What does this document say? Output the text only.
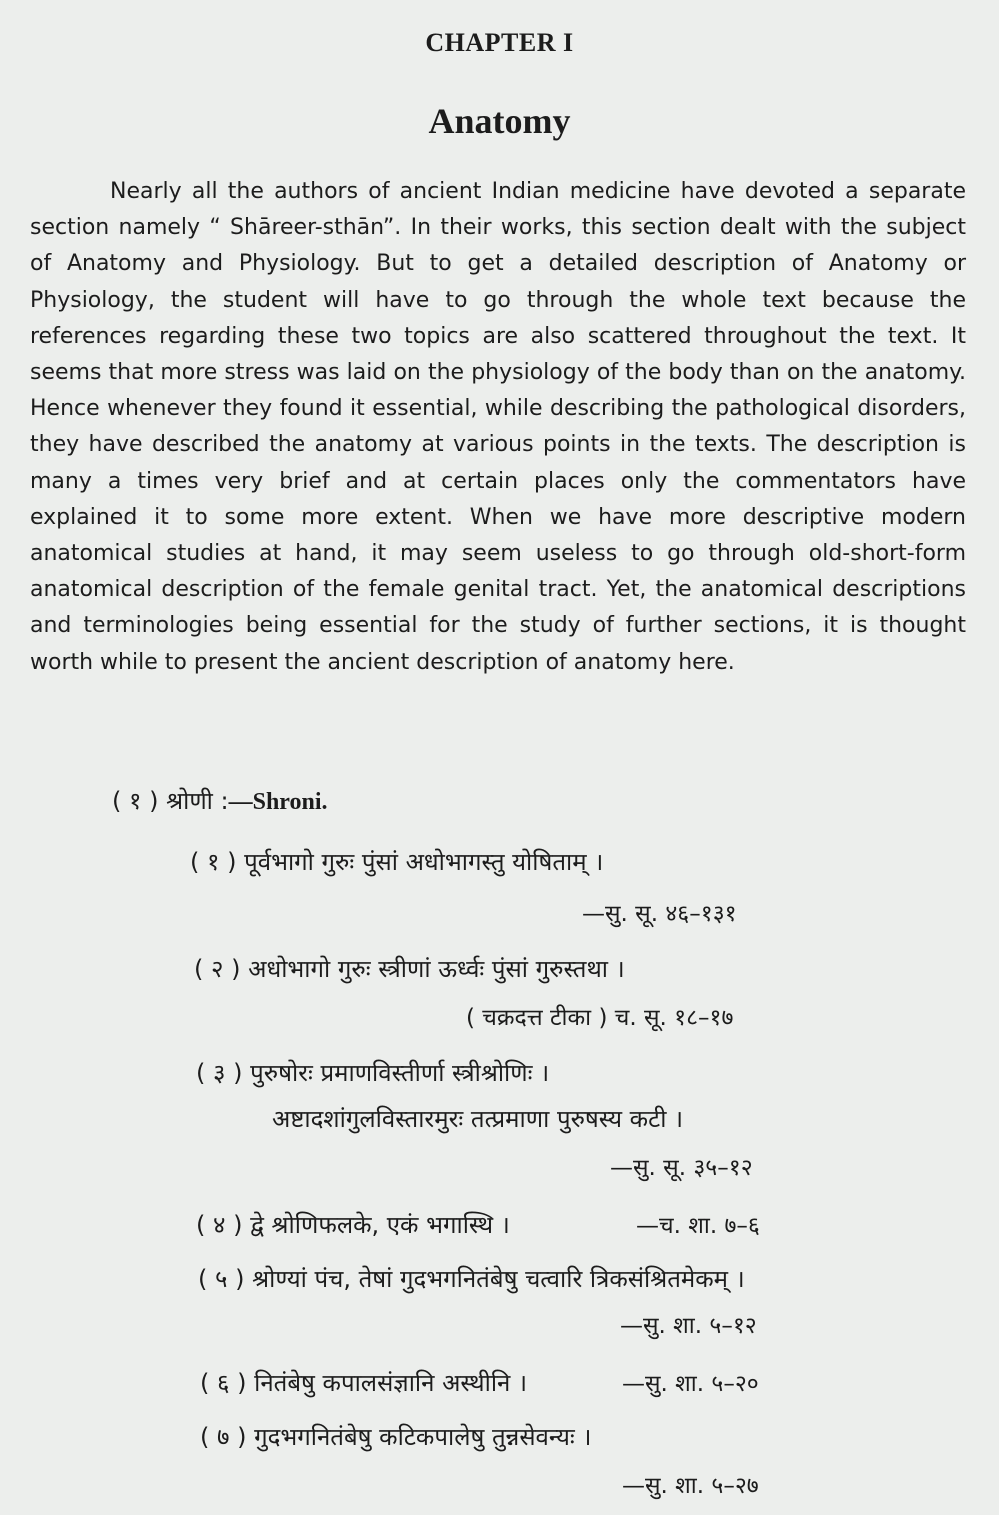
CHAPTER I
Anatomy

Nearly all the authors of ancient Indian medicine have devoted a separate section namely “ Shāreer-sthān”. In their works, this section dealt with the subject of Anatomy and Physiology. But to get a detailed description of Anatomy or Physiology, the student will have to go through the whole text because the references regarding these two topics are also scattered throughout the text. It seems that more stress was laid on the physiology of the body than on the anatomy. Hence whenever they found it essential, while describing the pathological disorders, they have described the anatomy at various points in the texts. The description is many a times very brief and at certain places only the commentators have explained it to some more extent. When we have more descriptive modern anatomical studies at hand, it may seem useless to go through old-short-form anatomical description of the female genital tract. Yet, the anatomical descriptions and terminologies being essential for the study of further sections, it is thought worth while to present the ancient description of anatomy here.

( १ ) श्रोणी :—Shroni.
( १ ) पूर्वभागो गुरुः पुंसां अधोभागस्तु योषिताम् ।
—सु. सू. ४६–१३१
( २ ) अधोभागो गुरुः स्त्रीणां ऊर्ध्वः पुंसां गुरुस्तथा ।
( चक्रदत्त टीका ) च. सू. १८–१७
( ३ ) पुरुषोरः प्रमाणविस्तीर्णा स्त्रीश्रोणिः ।
अष्टादशांगुलविस्तारमुरः तत्प्रमाणा पुरुषस्य कटी ।
—सु. सू. ३५–१२
( ४ ) द्वे श्रोणिफलके, एकं भगास्थि ।	—च. शा. ७–६
( ५ ) श्रोण्यां पंच, तेषां गुदभगनितंबेषु चत्वारि त्रिकसंश्रितमेकम् ।
—सु. शा. ५–१२
( ६ ) नितंबेषु कपालसंज्ञानि अस्थीनि ।	—सु. शा. ५–२०
( ७ ) गुदभगनितंबेषु कटिकपालेषु तुन्नसेवन्यः ।
—सु. शा. ५–२७
